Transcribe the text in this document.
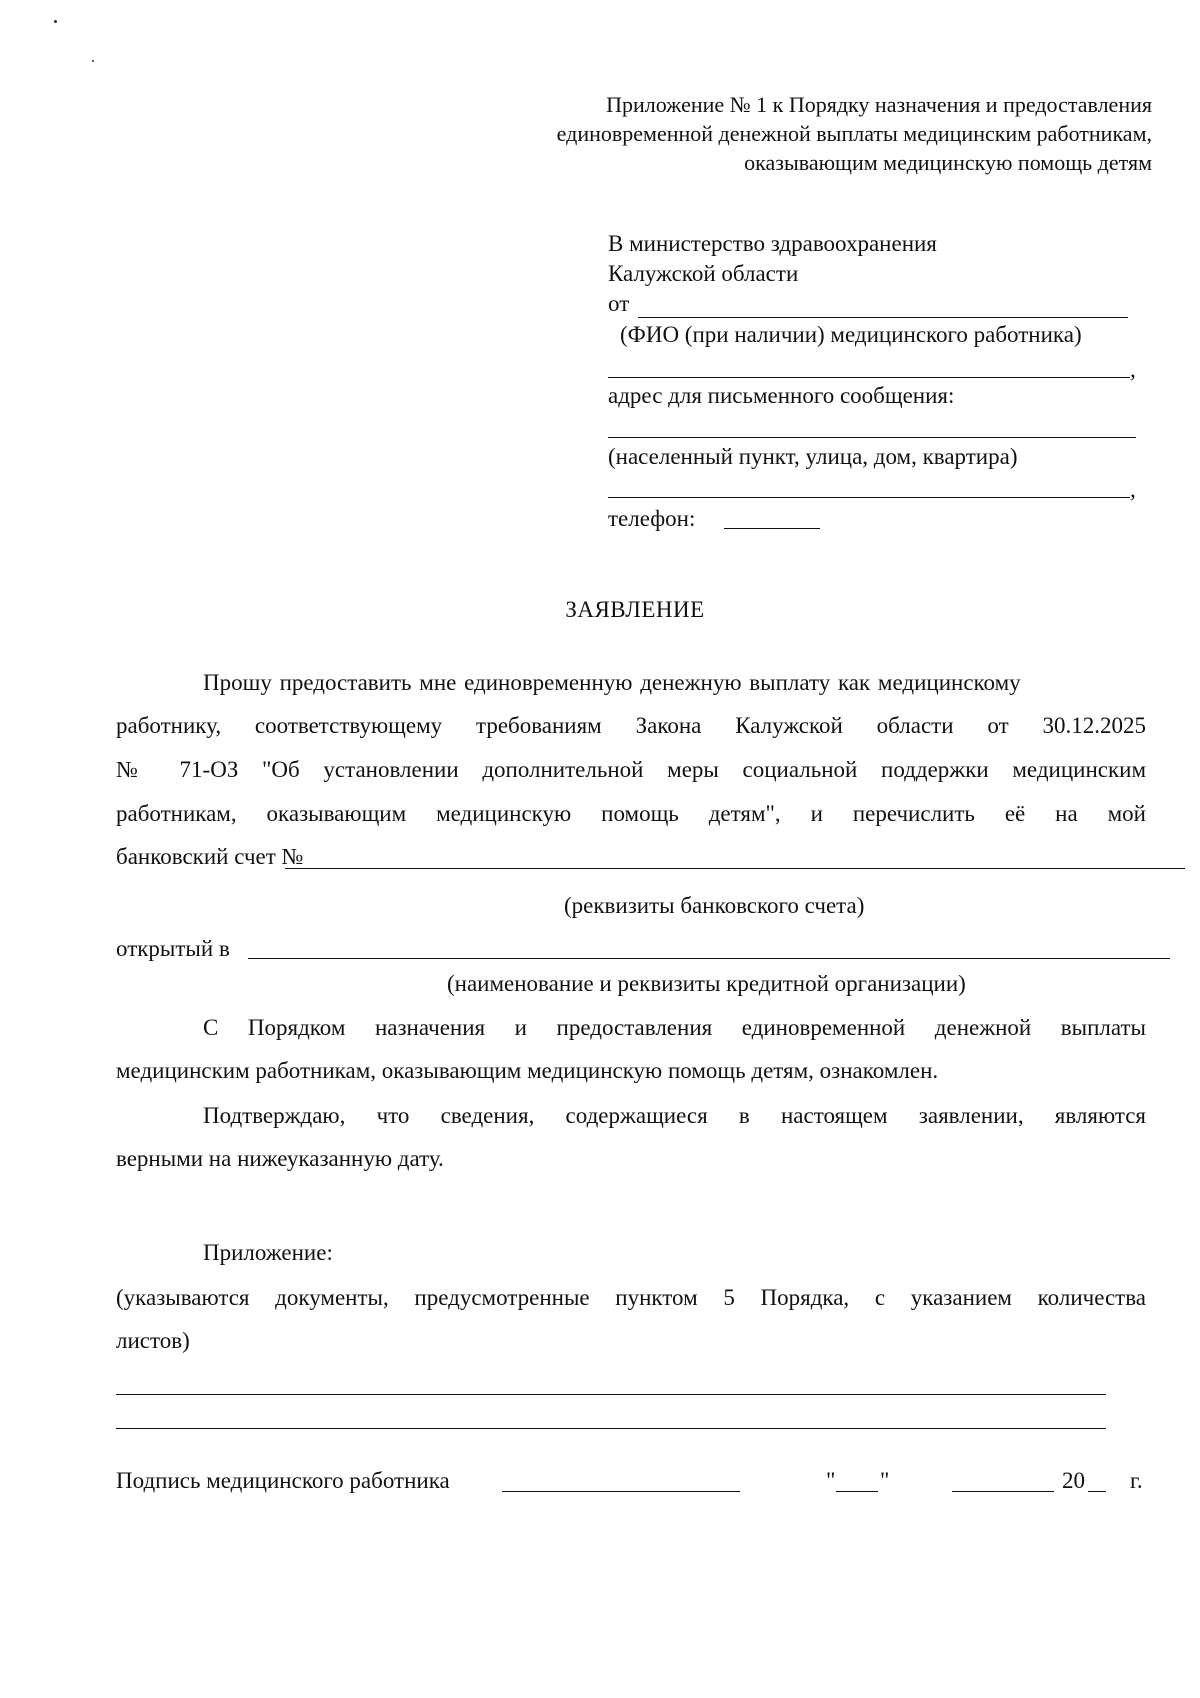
Приложение № 1 к Порядку назначения и предоставления
единовременной денежной выплаты медицинским работникам,
оказывающим медицинскую помощь детям
В министерство здравоохранения
Калужской области
от
(ФИО (при наличии) медицинского работника)
,
адрес для письменного сообщения:
(населенный пункт, улица, дом, квартира)
,
телефон:
ЗАЯВЛЕНИЕ
Прошу предоставить мне единовременную денежную выплату как медицинскому
работнику, соответствующему требованиям Закона Калужской области от 30.12.2025
№ 71-ОЗ "Об установлении дополнительной меры социальной поддержки медицинским
работникам, оказывающим медицинскую помощь детям", и перечислить её на мой
банковский счет №
(реквизиты банковского счета)
открытый в
(наименование и реквизиты кредитной организации)
С Порядком назначения и предоставления единовременной денежной выплаты
медицинским работникам, оказывающим медицинскую помощь детям, ознакомлен.
Подтверждаю, что сведения, содержащиеся в настоящем заявлении, являются
верными на нижеуказанную дату.
Приложение:
(указываются документы, предусмотренные пунктом 5 Порядка, с указанием количества
листов)
Подпись медицинского работника	" "	20 г.
